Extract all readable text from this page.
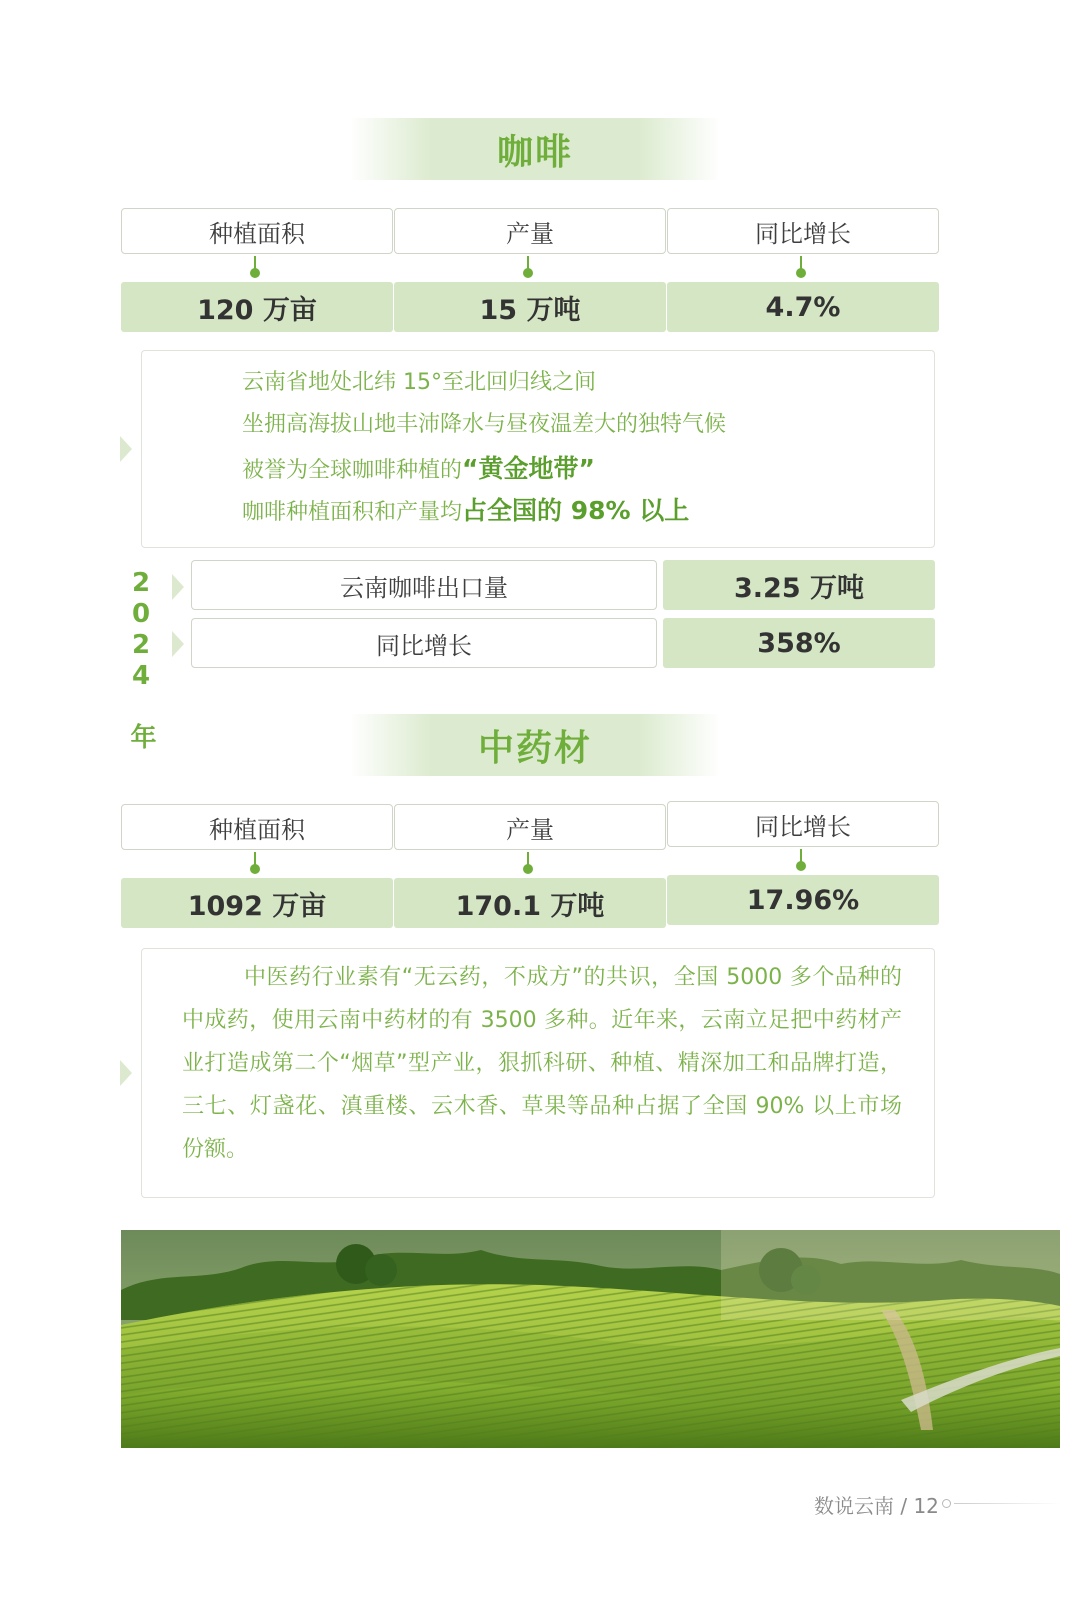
咖啡
种植面积	产量	同比增长
120 万亩	15 万吨	4.7%
云南省地处北纬 15°至北回归线之间
坐拥高海拔山地丰沛降水与昼夜温差大的独特气候
被誉为全球咖啡种植的“黄金地带”
咖啡种植面积和产量均占全国的 98% 以上
2024 年	云南咖啡出口量	3.25 万吨
同比增长	358%
中药材
种植面积	产量	同比增长
1092 万亩	170.1 万吨	17.96%
中医药行业素有“无云药，不成方”的共识，全国 5000 多个品种的中成药，使用云南中药材的有 3500 多种。近年来，云南立足把中药材产业打造成第二个“烟草”型产业，狠抓科研、种植、精深加工和品牌打造，三七、灯盏花、滇重楼、云木香、草果等品种占据了全国 90% 以上市场份额。
数说云南 / 12
